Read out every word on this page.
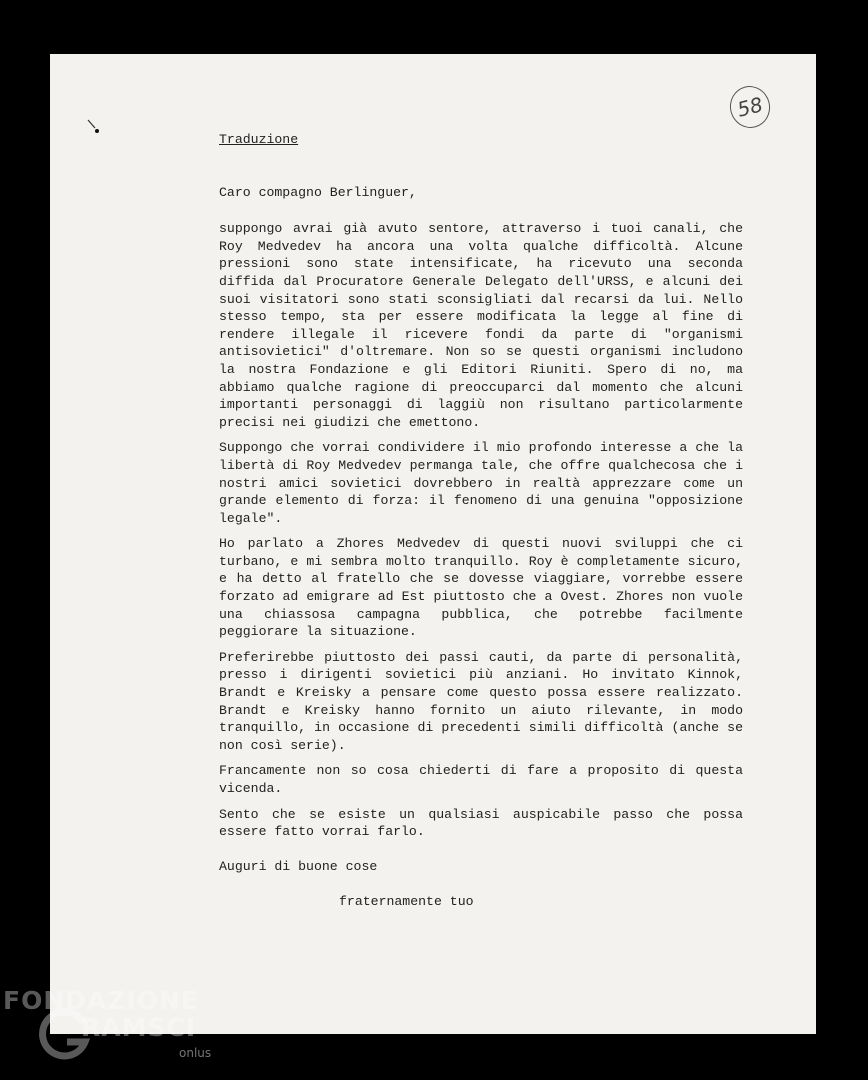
58

Traduzione

Caro compagno Berlinguer,

suppongo avrai già avuto sentore, attraverso i tuoi canali, che Roy Medvedev ha ancora una volta qualche difficoltà. Alcune pressioni sono state intensificate, ha ricevuto una seconda diffida dal Procuratore Generale Delegato dell'URSS, e alcuni dei suoi visitatori sono stati sconsigliati dal recarsi da lui. Nello stesso tempo, sta per essere modificata la legge al fine di rendere illegale il ricevere fondi da parte di "organismi antisovietici" d'oltremare. Non so se questi organismi includono la nostra Fondazione e gli Editori Riuniti. Spero di no, ma abbiamo qualche ragione di preoccuparci dal momento che alcuni importanti personaggi di laggiù non risultano particolarmente precisi nei giudizi che emettono.

Suppongo che vorrai condividere il mio profondo interesse a che la libertà di Roy Medvedev permanga tale, che offre qualchecosa che i nostri amici sovietici dovrebbero in realtà apprezzare come un grande elemento di forza: il fenomeno di una genuina "opposizione legale".

Ho parlato a Zhores Medvedev di questi nuovi sviluppi che ci turbano, e mi sembra molto tranquillo. Roy è completamente sicuro, e ha detto al fratello che se dovesse viaggiare, vorrebbe essere forzato ad emigrare ad Est piuttosto che a Ovest. Zhores non vuole una chiassosa campagna pubblica, che potrebbe facilmente peggiorare la situazione.

Preferirebbe piuttosto dei passi cauti, da parte di personalità, presso i dirigenti sovietici più anziani. Ho invitato Kinnok, Brandt e Kreisky a pensare come questo possa essere realizzato. Brandt e Kreisky hanno fornito un aiuto rilevante, in modo tranquillo, in occasione di precedenti simili difficoltà (anche se non così serie).

Francamente non so cosa chiederti di fare a proposito di questa vicenda.

Sento che se esiste un qualsiasi auspicabile passo che possa essere fatto vorrai farlo.

Auguri di buone cose

fraternamente tuo

FONDAZIONE
RAMSCI
onlus
